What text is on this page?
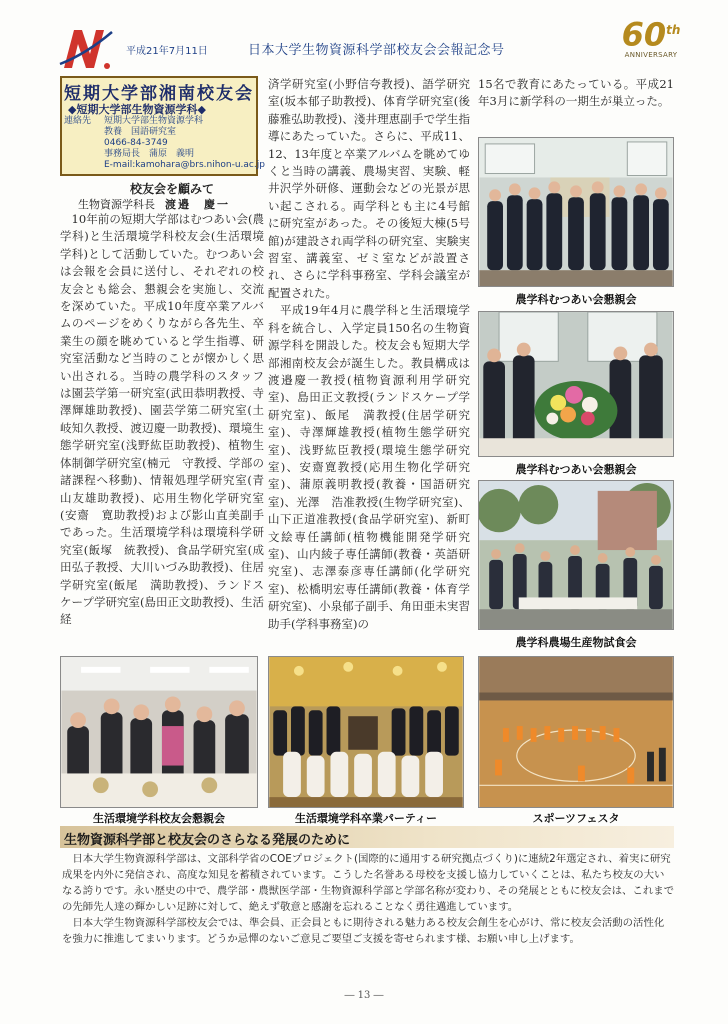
平成21年7月11日	日本大学生物資源科学部校友会会報記念号	60th
ANNIVERSARY
短期大学部湘南校友会
◆短期大学部生物資源学科◆
連絡先 短期大学部生物資源学科
教養　国語研究室
0466-84-3749
事務局長　蒲原　義明
E-mail:kamohara@brs.nihon-u.ac.jp
校友会を顧みて
生物資源学科長 渡邉　慶一
　10年前の短期大学部はむつあい会(農学科)と生活環境学科校友会(生活環境学科)として活動していた。むつあい会は会報を会員に送付し、それぞれの校友会とも総会、懇親会を実施し、交流を深めていた。平成10年度卒業アルバムのページをめくりながら各先生、卒業生の顔を眺めていると学生指導、研究室活動など当時のことが懐かしく思い出される。当時の農学科のスタッフは園芸学第一研究室(武田恭明教授、寺澤輝雄助教授)、園芸学第二研究室(土岐知久教授、渡辺慶一助教授)、環境生態学研究室(浅野紘臣助教授)、植物生体制御学研究室(楠元　守教授、学部の諸課程へ移動)、情報処理学研究室(青山友雄助教授)、応用生物化学研究室(安齋　寛助教授)および影山直美副手であった。生活環境学科は環境科学研究室(飯塚　統教授)、食品学研究室(成田弘子教授、大川いづみ助教授)、住居学研究室(飯尾　満助教授)、ランドスケープ学研究室(島田正文助教授)、生活経
済学研究室(小野信夸教授)、語学研究室(坂本郁子助教授)、体育学研究室(後藤雅弘助教授)、淺井理恵副手で学生指導にあたっていた。さらに、平成11、12、13年度と卒業アルバムを眺めてゆくと当時の講義、農場実習、実験、軽井沢学外研修、運動会などの光景が思い起こされる。両学科とも主に4号館に研究室があった。その後短大棟(5号館)が建設され両学科の研究室、実験実習室、講義室、ゼミ室などが設置され、さらに学科事務室、学科会議室が配置された。
　平成19年4月に農学科と生活環境学科を統合し、入学定員150名の生物資源学科を開設した。校友会も短期大学部湘南校友会が誕生した。教員構成は渡邉慶一教授(植物資源利用学研究室)、島田正文教授(ランドスケープ学研究室)、飯尾　満教授(住居学研究室)、寺澤輝雄教授(植物生態学研究室)、浅野紘臣教授(環境生態学研究室)、安齋寛教授(応用生物化学研究室)、蒲原義明教授(教養・国語研究室)、光澤　浩准教授(生物学研究室)、山下正道准教授(食品学研究室)、新町文絵専任講師(植物機能開発学研究室)、山内綾子専任講師(教養・英語研究室)、志澤泰彦専任講師(化学研究室)、松橋明宏専任講師(教養・体育学研究室)、小泉郁子副手、角田亜未実習助手(学科事務室)の
15名で教育にあたっている。平成21年3月に新学科の一期生が巣立った。
農学科むつあい会懇親会
農学科むつあい会懇親会
農学科農場生産物試食会
生活環境学科校友会懇親会	生活環境学科卒業パーティー	スポーツフェスタ
生物資源科学部と校友会のさらなる発展のために
　日本大学生物資源科学部は、文部科学省のCOEプロジェクト(国際的に通用する研究拠点づくり)に連続2年選定され、着実に研究成果を内外に発信され、高度な知見を蓄積されています。こうした名誉ある母校を支援し協力していくことは、私たち校友の大いなる誇りです。永い歴史の中で、農学部・農獣医学部・生物資源科学部と学部名称が変わり、その発展とともに校友会は、これまでの先師先人達の輝かしい足跡に対して、絶えず敬意と感謝を忘れることなく勇往邁進しています。
　日本大学生物資源科学部校友会では、準会員、正会員ともに期待される魅力ある校友会創生を心がけ、常に校友会活動の活性化を強力に推進してまいります。どうか忌憚のないご意見ご要望ご支援を寄せられます様、お願い申し上げます。
― 13 ―
